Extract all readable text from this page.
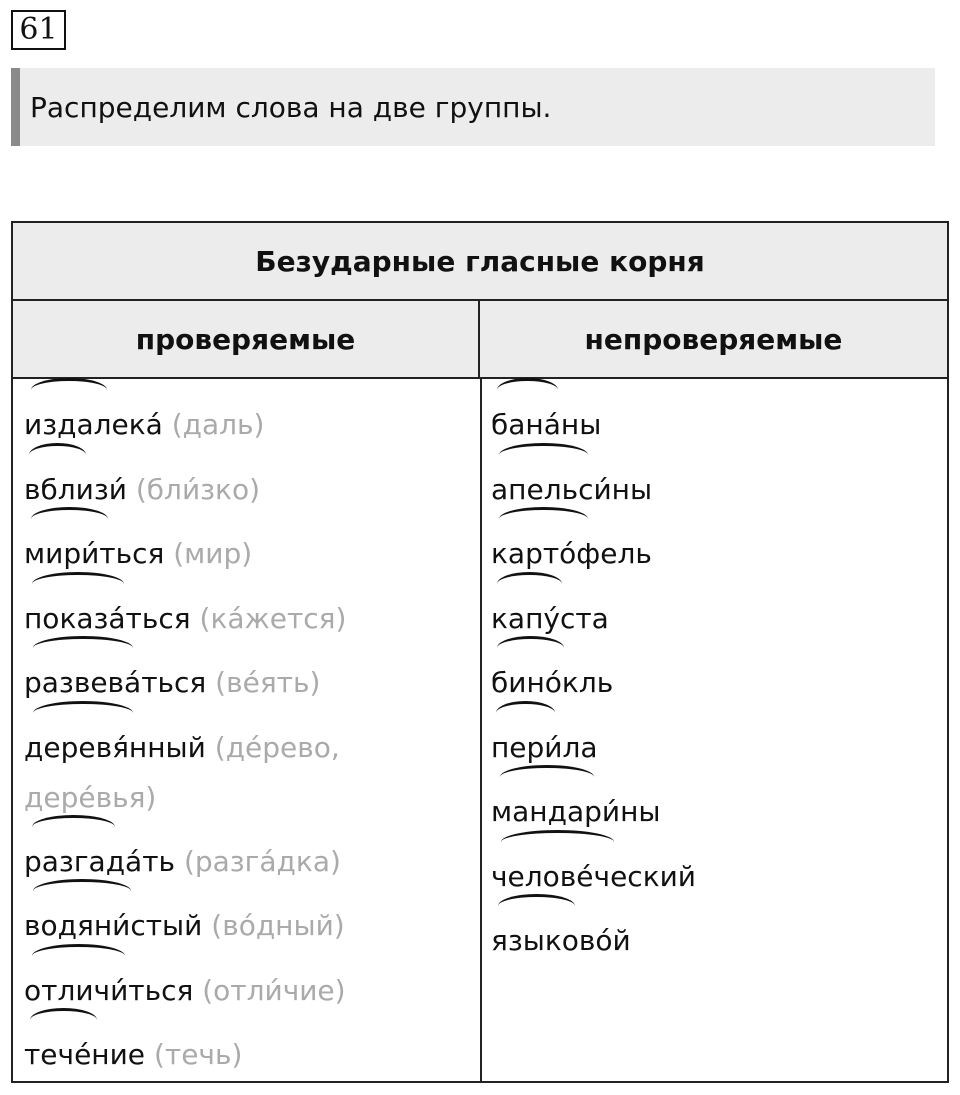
61
Распределим слова на две группы.
Безударные гласные корня
проверяемые	непроверяемые
издалека́ (даль)
вблизи́ (бли́зко)
мири́ться (мир)
показа́ться (ка́жется)
развева́ться (ве́ять)
деревя́нный (де́рево, дере́вья)
разгада́ть (разга́дка)
водяни́стый (во́дный)
отличи́ться (отли́чие)
тече́ние (течь)
бана́ны
апельси́ны
карто́фель
капу́ста
бино́кль
пери́ла
мандари́ны
челове́ческий
языково́й
